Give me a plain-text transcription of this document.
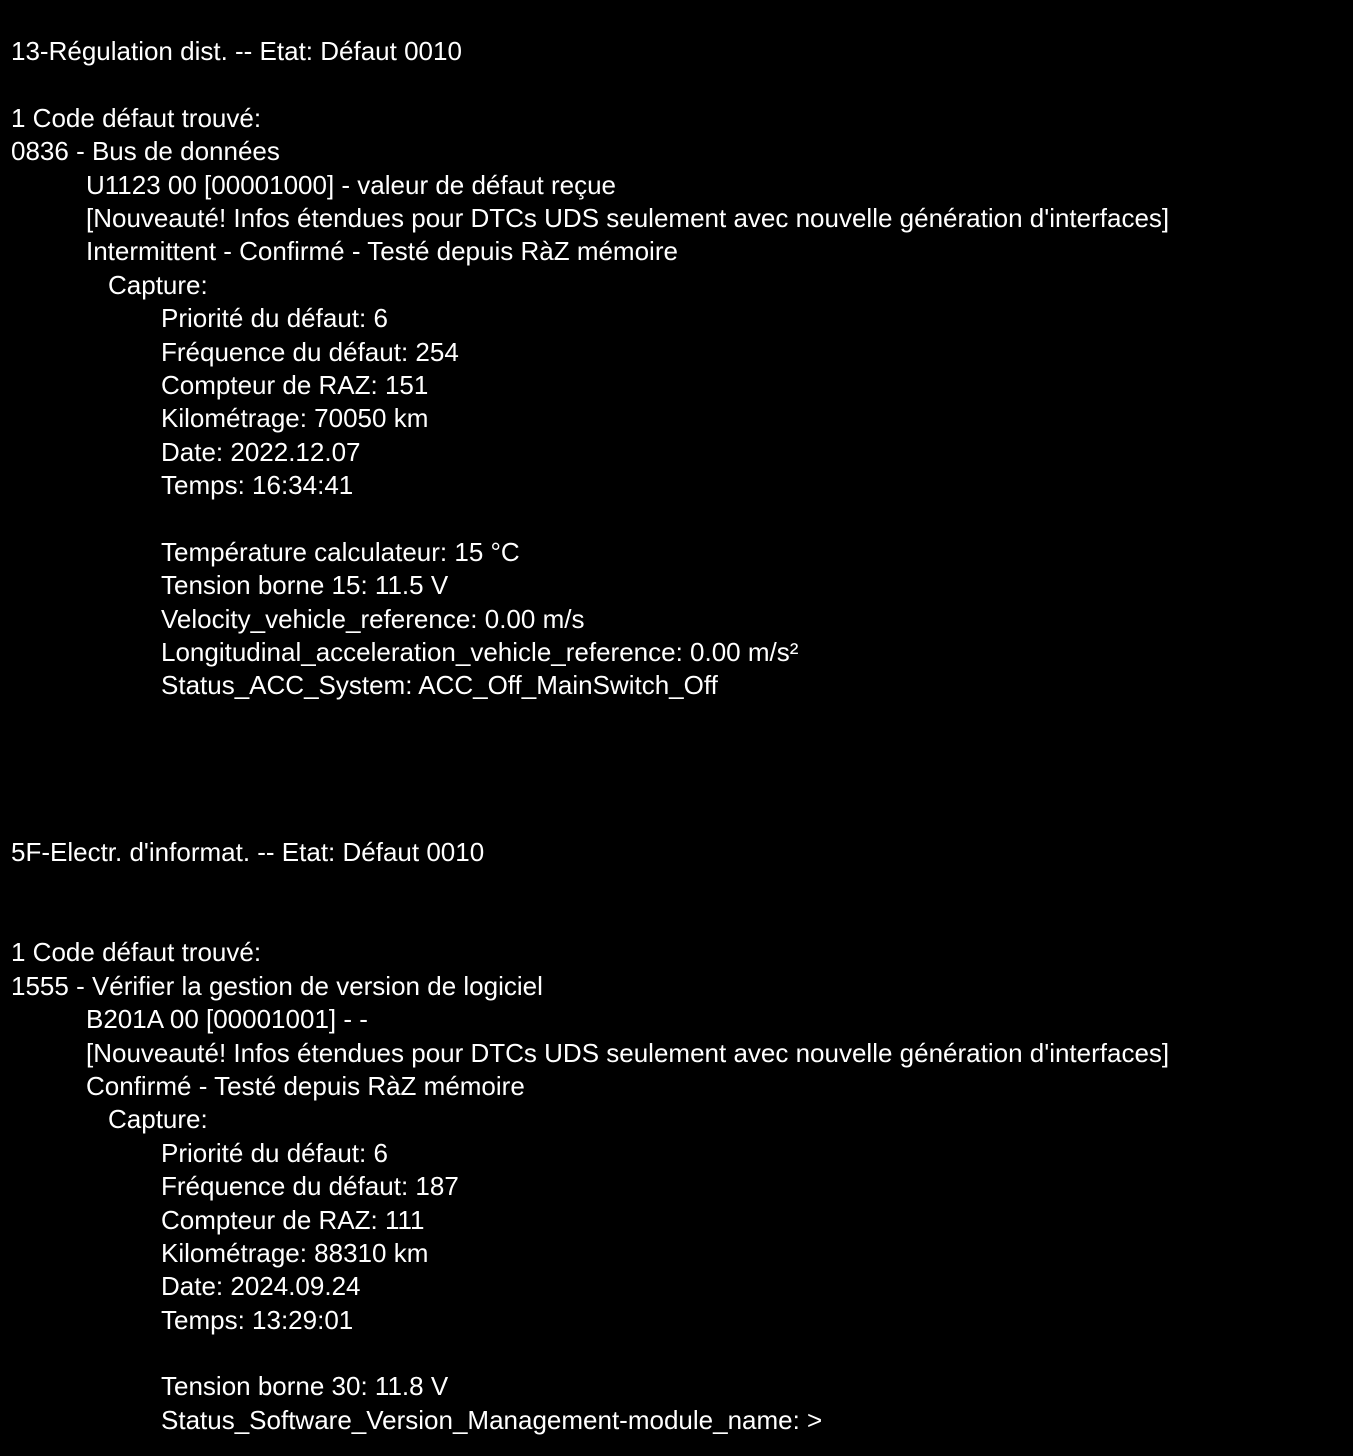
13-Régulation dist. -- Etat: Défaut 0010
1 Code défaut trouvé:
0836 - Bus de données
U1123 00 [00001000] - valeur de défaut reçue
[Nouveauté! Infos étendues pour DTCs UDS seulement avec nouvelle génération d'interfaces]
Intermittent - Confirmé - Testé depuis RàZ mémoire
Capture:
Priorité du défaut: 6
Fréquence du défaut: 254
Compteur de RAZ: 151
Kilométrage: 70050 km
Date: 2022.12.07
Temps: 16:34:41
Température calculateur: 15 °C
Tension borne 15: 11.5 V
Velocity_vehicle_reference: 0.00 m/s
Longitudinal_acceleration_vehicle_reference: 0.00 m/s²
Status_ACC_System: ACC_Off_MainSwitch_Off
5F-Electr. d'informat. -- Etat: Défaut 0010
1 Code défaut trouvé:
1555 - Vérifier la gestion de version de logiciel
B201A 00 [00001001] - -
[Nouveauté! Infos étendues pour DTCs UDS seulement avec nouvelle génération d'interfaces]
Confirmé - Testé depuis RàZ mémoire
Capture:
Priorité du défaut: 6
Fréquence du défaut: 187
Compteur de RAZ: 111
Kilométrage: 88310 km
Date: 2024.09.24
Temps: 13:29:01
Tension borne 30: 11.8 V
Status_Software_Version_Management-module_name: >
